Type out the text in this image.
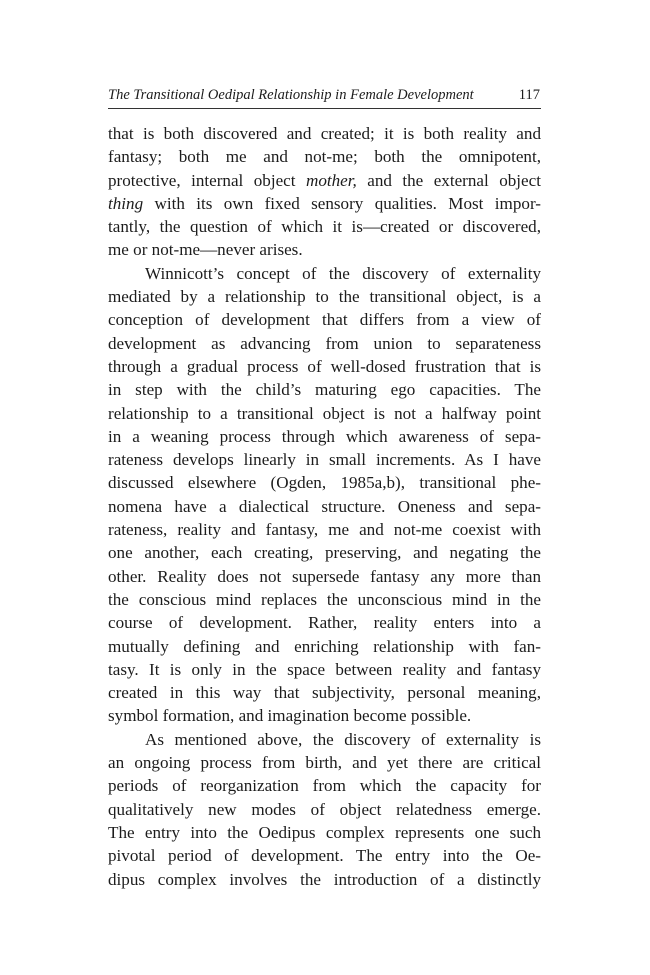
The Transitional Oedipal Relationship in Female Development	117
that is both discovered and created; it is both reality and
fantasy; both me and not-me; both the omnipotent,
protective, internal object mother, and the external object
thing with its own fixed sensory qualities. Most impor-
tantly, the question of which it is—created or discovered,
me or not-me—never arises.
Winnicott’s concept of the discovery of externality
mediated by a relationship to the transitional object, is a
conception of development that differs from a view of
development as advancing from union to separateness
through a gradual process of well-dosed frustration that is
in step with the child’s maturing ego capacities. The
relationship to a transitional object is not a halfway point
in a weaning process through which awareness of sepa-
rateness develops linearly in small increments. As I have
discussed elsewhere (Ogden, 1985a,b), transitional phe-
nomena have a dialectical structure. Oneness and sepa-
rateness, reality and fantasy, me and not-me coexist with
one another, each creating, preserving, and negating the
other. Reality does not supersede fantasy any more than
the conscious mind replaces the unconscious mind in the
course of development. Rather, reality enters into a
mutually defining and enriching relationship with fan-
tasy. It is only in the space between reality and fantasy
created in this way that subjectivity, personal meaning,
symbol formation, and imagination become possible.
As mentioned above, the discovery of externality is
an ongoing process from birth, and yet there are critical
periods of reorganization from which the capacity for
qualitatively new modes of object relatedness emerge.
The entry into the Oedipus complex represents one such
pivotal period of development. The entry into the Oe-
dipus complex involves the introduction of a distinctly
